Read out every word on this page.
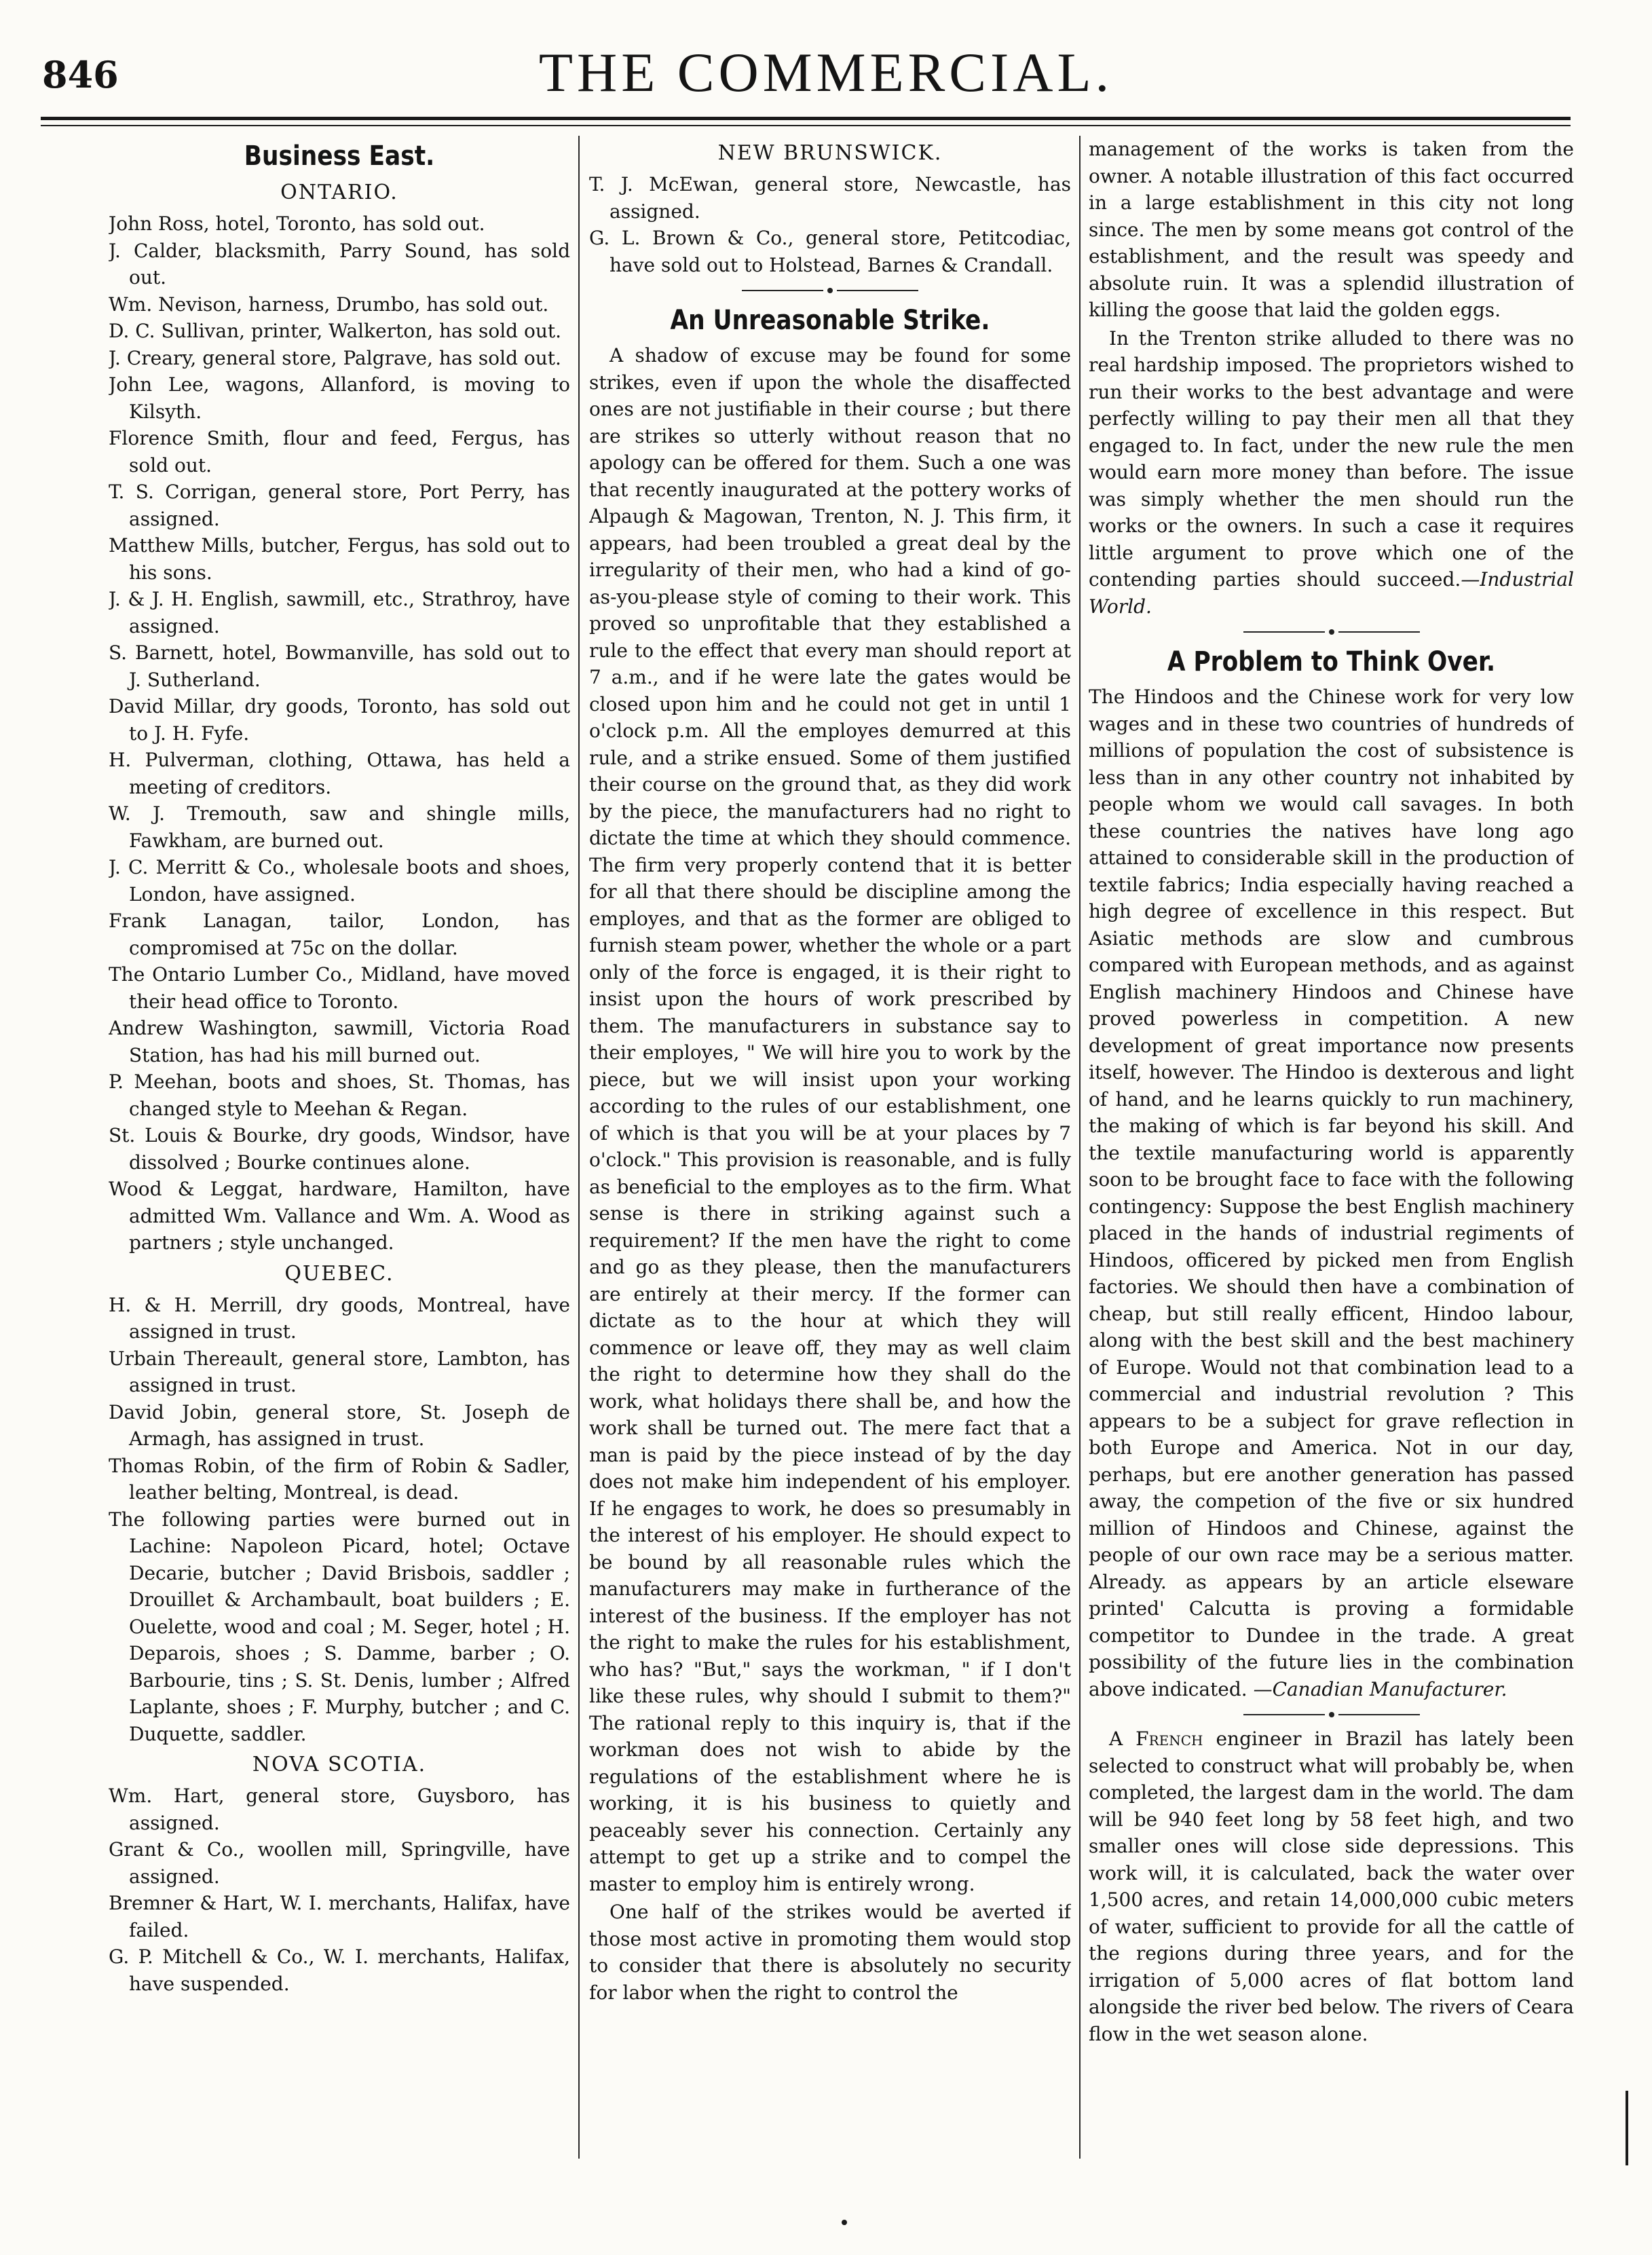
846	THE COMMERCIAL.
Business East.
ONTARIO.

John Ross, hotel, Toronto, has sold out.

J. Calder, blacksmith, Parry Sound, has sold out.

Wm. Nevison, harness, Drumbo, has sold out.

D. C. Sullivan, printer, Walkerton, has sold out.

J. Creary, general store, Palgrave, has sold out.

John Lee, wagons, Allanford, is moving to Kilsyth.

Florence Smith, flour and feed, Fergus, has sold out.

T. S. Corrigan, general store, Port Perry, has assigned.

Matthew Mills, butcher, Fergus, has sold out to his sons.

J. & J. H. English, sawmill, etc., Strathroy, have assigned.

S. Barnett, hotel, Bowmanville, has sold out to J. Sutherland.

David Millar, dry goods, Toronto, has sold out to J. H. Fyfe.

H. Pulverman, clothing, Ottawa, has held a meeting of creditors.

W. J. Tremouth, saw and shingle mills, Fawkham, are burned out.

J. C. Merritt & Co., wholesale boots and shoes, London, have assigned.

Frank Lanagan, tailor, London, has compromised at 75c on the dollar.

The Ontario Lumber Co., Midland, have moved their head office to Toronto.

Andrew Washington, sawmill, Victoria Road Station, has had his mill burned out.

P. Meehan, boots and shoes, St. Thomas, has changed style to Meehan & Regan.

St. Louis & Bourke, dry goods, Windsor, have dissolved ; Bourke continues alone.

Wood & Leggat, hardware, Hamilton, have admitted Wm. Vallance and Wm. A. Wood as partners ; style unchanged.

QUEBEC.

H. & H. Merrill, dry goods, Montreal, have assigned in trust.

Urbain Thereault, general store, Lambton, has assigned in trust.

David Jobin, general store, St. Joseph de Armagh, has assigned in trust.

Thomas Robin, of the firm of Robin & Sadler, leather belting, Montreal, is dead.

The following parties were burned out in Lachine: Napoleon Picard, hotel; Octave Decarie, butcher ; David Brisbois, saddler ; Drouillet & Archambault, boat builders ; E. Ouelette, wood and coal ; M. Seger, hotel ; H. Deparois, shoes ; S. Damme, barber ; O. Barbourie, tins ; S. St. Denis, lumber ; Alfred Laplante, shoes ; F. Murphy, butcher ; and C. Duquette, saddler.

NOVA SCOTIA.

Wm. Hart, general store, Guysboro, has assigned.

Grant & Co., woollen mill, Springville, have assigned.

Bremner & Hart, W. I. merchants, Halifax, have failed.

G. P. Mitchell & Co., W. I. merchants, Halifax, have suspended.

NEW BRUNSWICK.

T. J. McEwan, general store, Newcastle, has assigned.

G. L. Brown & Co., general store, Petitcodiac, have sold out to Holstead, Barnes & Crandall.

An Unreasonable Strike.

A shadow of excuse may be found for some strikes, even if upon the whole the disaffected ones are not justifiable in their course ; but there are strikes so utterly without reason that no apology can be offered for them. Such a one was that recently inaugurated at the pottery works of Alpaugh & Magowan, Trenton, N. J. This firm, it appears, had been troubled a great deal by the irregularity of their men, who had a kind of go-as-you-please style of coming to their work. This proved so unprofitable that they established a rule to the effect that every man should report at 7 a.m., and if he were late the gates would be closed upon him and he could not get in until 1 o'clock p.m. All the employes demurred at this rule, and a strike ensued. Some of them justified their course on the ground that, as they did work by the piece, the manufacturers had no right to dictate the time at which they should commence. The firm very properly contend that it is better for all that there should be discipline among the employes, and that as the former are obliged to furnish steam power, whether the whole or a part only of the force is engaged, it is their right to insist upon the hours of work prescribed by them. The manufacturers in substance say to their employes, " We will hire you to work by the piece, but we will insist upon your working according to the rules of our establishment, one of which is that you will be at your places by 7 o'clock." This provision is reasonable, and is fully as beneficial to the employes as to the firm. What sense is there in striking against such a requirement? If the men have the right to come and go as they please, then the manufacturers are entirely at their mercy. If the former can dictate as to the hour at which they will commence or leave off, they may as well claim the right to determine how they shall do the work, what holidays there shall be, and how the work shall be turned out. The mere fact that a man is paid by the piece instead of by the day does not make him independent of his employer. If he engages to work, he does so presumably in the interest of his employer. He should expect to be bound by all reasonable rules which the manufacturers may make in furtherance of the interest of the business. If the employer has not the right to make the rules for his establishment, who has? "But," says the workman, " if I don't like these rules, why should I submit to them?" The rational reply to this inquiry is, that if the workman does not wish to abide by the regulations of the establishment where he is working, it is his business to quietly and peaceably sever his connection. Certainly any attempt to get up a strike and to compel the master to employ him is entirely wrong.

One half of the strikes would be averted if those most active in promoting them would stop to consider that there is absolutely no security for labor when the right to control the

management of the works is taken from the owner. A notable illustration of this fact occurred in a large establishment in this city not long since. The men by some means got control of the establishment, and the result was speedy and absolute ruin. It was a splendid illustration of killing the goose that laid the golden eggs.

In the Trenton strike alluded to there was no real hardship imposed. The proprietors wished to run their works to the best advantage and were perfectly willing to pay their men all that they engaged to. In fact, under the new rule the men would earn more money than before. The issue was simply whether the men should run the works or the owners. In such a case it requires little argument to prove which one of the contending parties should succeed.—Industrial World.

A Problem to Think Over.

The Hindoos and the Chinese work for very low wages and in these two countries of hundreds of millions of population the cost of subsistence is less than in any other country not inhabited by people whom we would call savages. In both these countries the natives have long ago attained to considerable skill in the production of textile fabrics; India especially having reached a high degree of excellence in this respect. But Asiatic methods are slow and cumbrous compared with European methods, and as against English machinery Hindoos and Chinese have proved powerless in competition. A new development of great importance now presents itself, however. The Hindoo is dexterous and light of hand, and he learns quickly to run machinery, the making of which is far beyond his skill. And the textile manufacturing world is apparently soon to be brought face to face with the following contingency: Suppose the best English machinery placed in the hands of industrial regiments of Hindoos, officered by picked men from English factories. We should then have a combination of cheap, but still really efficent, Hindoo labour, along with the best skill and the best machinery of Europe. Would not that combination lead to a commercial and industrial revolution ? This appears to be a subject for grave reflection in both Europe and America. Not in our day, perhaps, but ere another generation has passed away, the competion of the five or six hundred million of Hindoos and Chinese, against the people of our own race may be a serious matter. Already. as appears by an article elseware printed' Calcutta is proving a formidable competitor to Dundee in the trade. A great possibility of the future lies in the combination above indicated. —Canadian Manufacturer.

A French engineer in Brazil has lately been selected to construct what will probably be, when completed, the largest dam in the world. The dam will be 940 feet long by 58 feet high, and two smaller ones will close side depressions. This work will, it is calculated, back the water over 1,500 acres, and retain 14,000,000 cubic meters of water, sufficient to provide for all the cattle of the regions during three years, and for the irrigation of 5,000 acres of flat bottom land alongside the river bed below. The rivers of Ceara flow in the wet season alone.
